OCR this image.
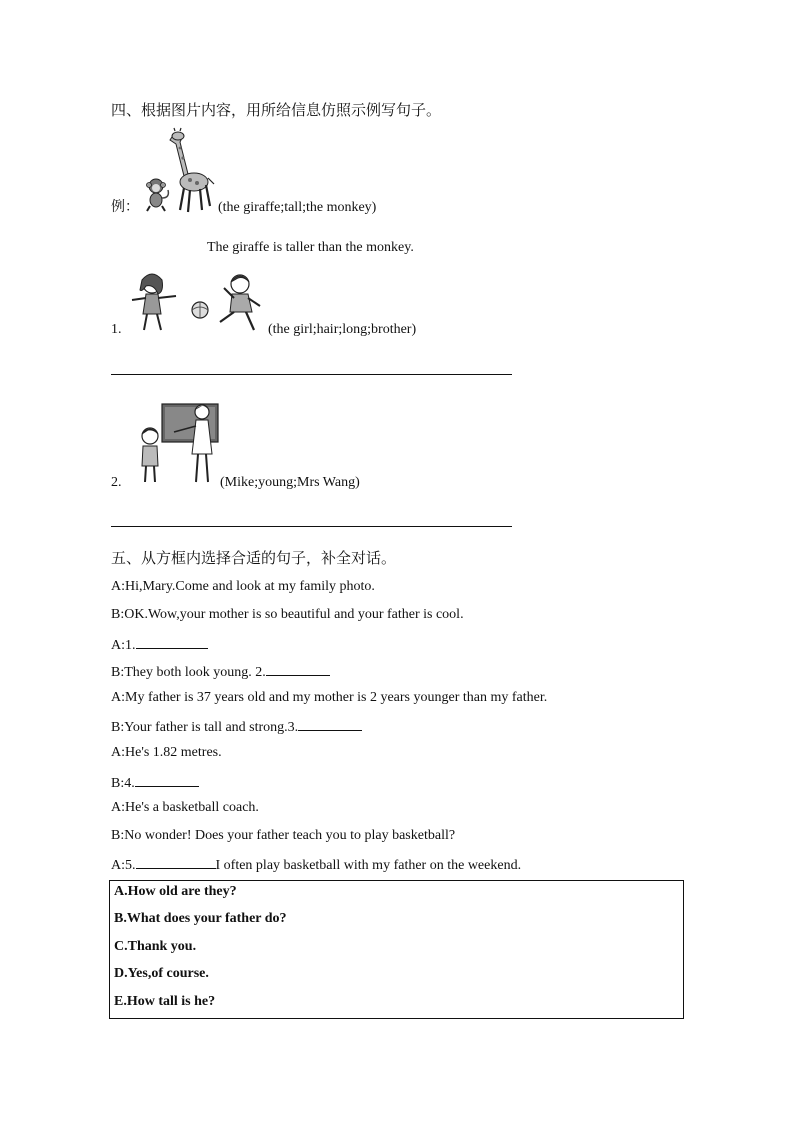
四、根据图片内容，用所给信息仿照示例写句子。
例：	(the giraffe;tall;the monkey)
The giraffe is taller than the monkey.
1.	(the girl;hair;long;brother)
2.	(Mike;young;Mrs Wang)
五、从方框内选择合适的句子，补全对话。
A:Hi,Mary.Come and look at my family photo.
B:OK.Wow,your mother is so beautiful and your father is cool.
A:1.
B:They both look young. 2.
A:My father is 37 years old and my mother is 2 years younger than my father.
B:Your father is tall and strong.3.
A:He's 1.82 metres.
B:4.
A:He's a basketball coach.
B:No wonder! Does your father teach you to play basketball?
A:5.	I often play basketball with my father on the weekend.
A.How old are they?
B.What does your father do?
C.Thank you.
D.Yes,of course.
E.How tall is he?
